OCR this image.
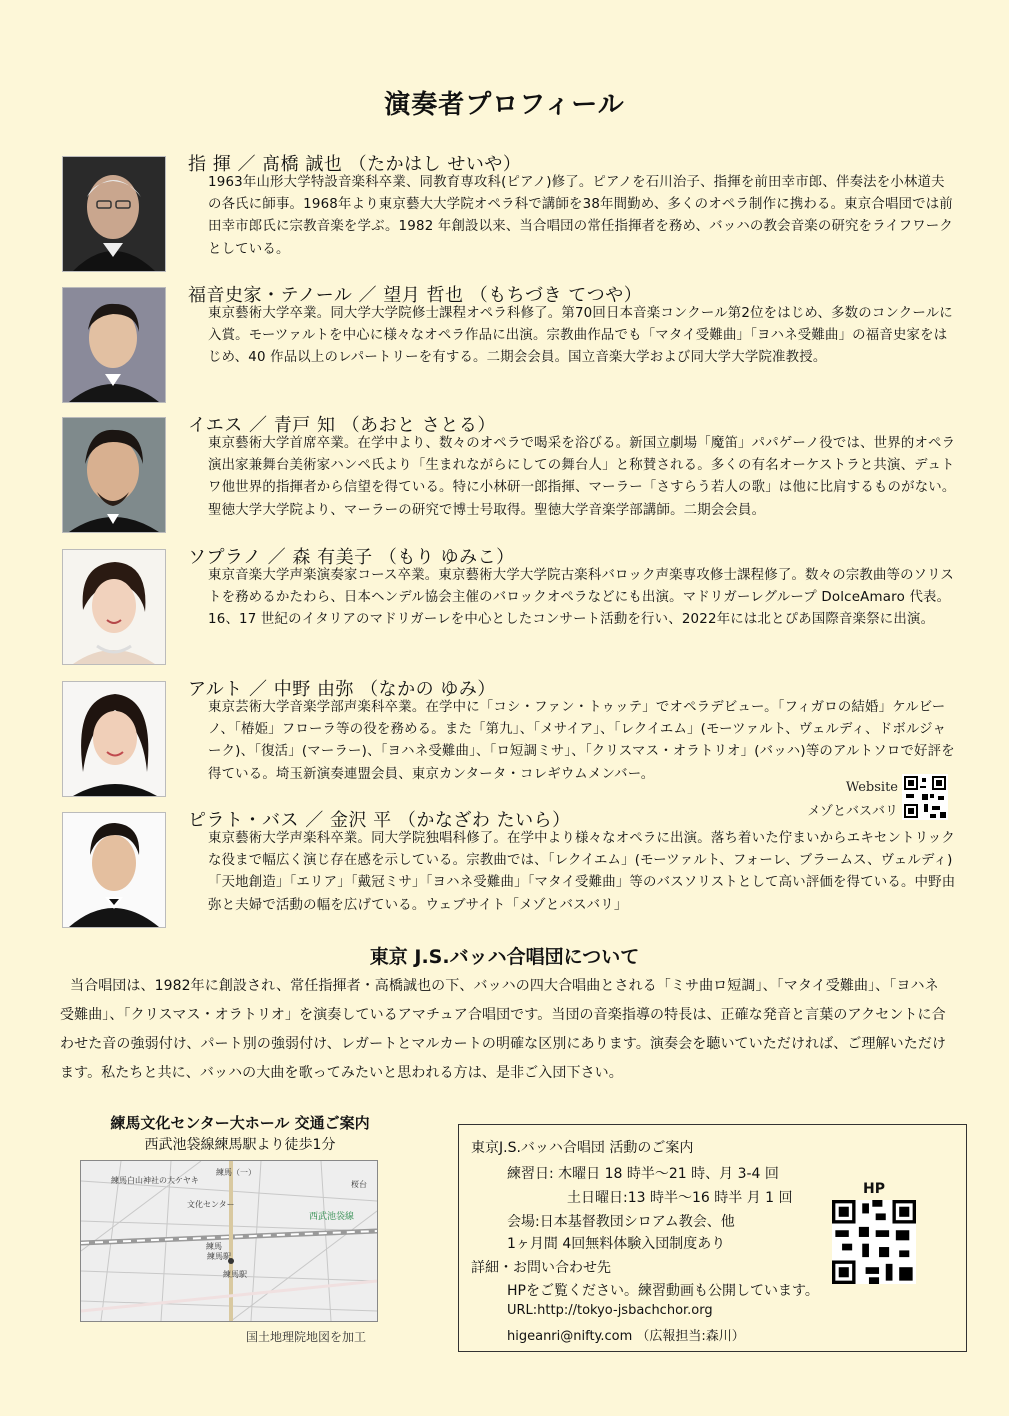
演奏者プロフィール
指 揮 ／ 髙橋 誠也 （たかはし せいや）
1963年山形大学特設音楽科卒業、同教育専攻科(ピアノ)修了。ピアノを石川治子、指揮を前田幸市郎、伴奏法を小林道夫の各氏に師事。1968年より東京藝大大学院オペラ科で講師を38年間勤め、多くのオペラ制作に携わる。東京合唱団では前田幸市郎氏に宗教音楽を学ぶ。1982 年創設以来、当合唱団の常任指揮者を務め、バッハの教会音楽の研究をライフワークとしている。
福音史家・テノール ／ 望月 哲也 （もちづき てつや）
東京藝術大学卒業。同大学大学院修士課程オペラ科修了。第70回日本音楽コンクール第2位をはじめ、多数のコンクールに入賞。モーツァルトを中心に様々なオペラ作品に出演。宗教曲作品でも「マタイ受難曲」「ヨハネ受難曲」の福音史家をはじめ、40 作品以上のレパートリーを有する。二期会会員。国立音楽大学および同大学大学院准教授。
イエス ／ 青戸 知 （あおと さとる）
東京藝術大学首席卒業。在学中より、数々のオペラで喝采を浴びる。新国立劇場「魔笛」パパゲーノ役では、世界的オペラ演出家兼舞台美術家ハンペ氏より「生まれながらにしての舞台人」と称賛される。多くの有名オーケストラと共演、デュトワ他世界的指揮者から信望を得ている。特に小林研一郎指揮、マーラー「さすらう若人の歌」は他に比肩するものがない。聖徳大学大学院より、マーラーの研究で博士号取得。聖徳大学音楽学部講師。二期会会員。
ソプラノ ／ 森 有美子 （もり ゆみこ）
東京音楽大学声楽演奏家コース卒業。東京藝術大学大学院古楽科バロック声楽専攻修士課程修了。数々の宗教曲等のソリストを務めるかたわら、日本ヘンデル協会主催のバロックオペラなどにも出演。マドリガーレグループ DolceAmaro 代表。16、17 世紀のイタリアのマドリガーレを中心としたコンサート活動を行い、2022年には北とぴあ国際音楽祭に出演。
アルト ／ 中野 由弥 （なかの ゆみ）
東京芸術大学音楽学部声楽科卒業。在学中に「コシ・ファン・トゥッテ」でオペラデビュー。「フィガロの結婚」ケルビーノ、「椿姫」フローラ等の役を務める。また「第九」、「メサイア」、「レクイエム」(モーツァルト、ヴェルディ、ドボルジャーク)、「復活」(マーラー)、「ヨハネ受難曲」、「ロ短調ミサ」、「クリスマス・オラトリオ」(バッハ)等のアルトソロで好評を得ている。埼玉新演奏連盟会員、東京カンタータ・コレギウムメンバー。
ピラト・バス ／ 金沢 平 （かなざわ たいら）
東京藝術大学声楽科卒業。同大学院独唱科修了。在学中より様々なオペラに出演。落ち着いた佇まいからエキセントリックな役まで幅広く演じ存在感を示している。宗教曲では、「レクイエム」(モーツァルト、フォーレ、ブラームス、ヴェルディ)「天地創造」「エリア」「戴冠ミサ」「ヨハネ受難曲」「マタイ受難曲」等のバスソリストとして高い評価を得ている。中野由弥と夫婦で活動の幅を広げている。ウェブサイト「メゾとバスバリ」
Website
メゾとバスバリ
東京 J.S.バッハ合唱団について
当合唱団は、1982年に創設され、常任指揮者・高橋誠也の下、バッハの四大合唱曲とされる「ミサ曲ロ短調」、「マタイ受難曲」、「ヨハネ受難曲」、「クリスマス・オラトリオ」を演奏しているアマチュア合唱団です。当団の音楽指導の特長は、正確な発音と言葉のアクセントに合わせた音の強弱付け、パート別の強弱付け、レガートとマルカートの明確な区別にあります。演奏会を聴いていただければ、ご理解いただけます。私たちと共に、バッハの大曲を歌ってみたいと思われる方は、是非ご入団下さい。
練馬文化センター大ホール 交通ご案内
西武池袋線練馬駅より徒歩1分
練馬白山神社の大ケヤキ
練馬（一）
文化センター
桜台
西武池袋線
練馬
練馬駅
練馬駅
国土地理院地図を加工
東京J.S.バッハ合唱団 活動のご案内
練習日: 木曜日 18 時半～21 時、月 3-4 回
土日曜日:13 時半～16 時半 月 1 回
会場:日本基督教団シロアム教会、他
1ヶ月間 4回無料体験入団制度あり
詳細・お問い合わせ先
HPをご覧ください。練習動画も公開しています。
URL:http://tokyo-jsbachchor.org
higeanri@nifty.com （広報担当:森川）
HP
